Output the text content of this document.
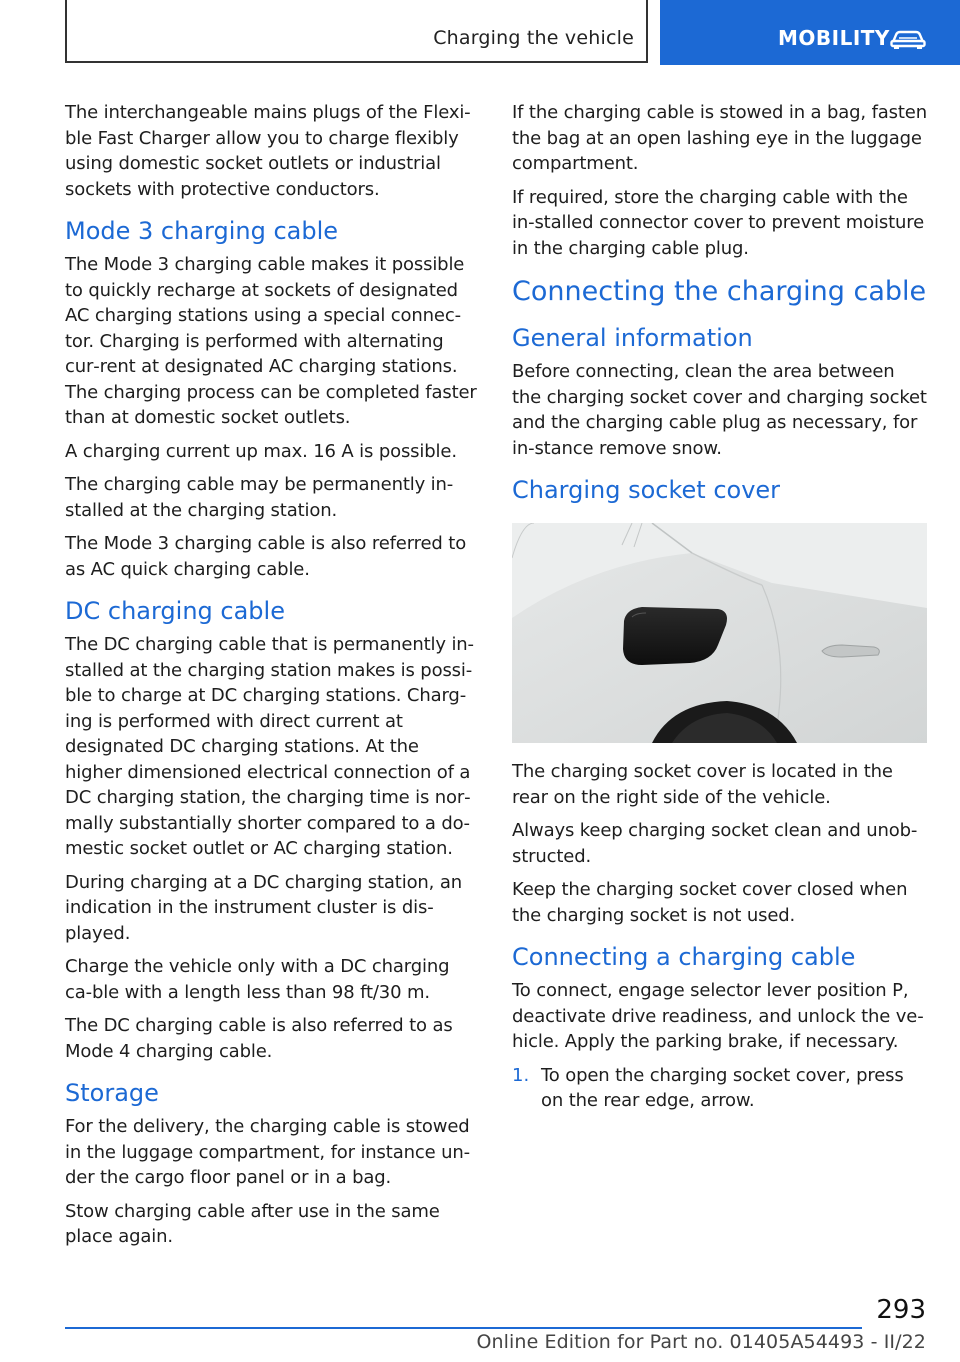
Charging the vehicle	MOBILITY

The interchangeable mains plugs of the Flexi‐ble Fast Charger allow you to charge flexibly using domestic socket outlets or industrial sockets with protective conductors.

Mode 3 charging cable

The Mode 3 charging cable makes it possible to quickly recharge at sockets of designated AC charging stations using a special connec‐tor. Charging is performed with alternating cur‐rent at designated AC charging stations. The charging process can be completed faster than at domestic socket outlets.

A charging current up max. 16 A is possible.

The charging cable may be permanently in‐stalled at the charging station.

The Mode 3 charging cable is also referred to as AC quick charging cable.

DC charging cable

The DC charging cable that is permanently in‐stalled at the charging station makes is possi‐ble to charge at DC charging stations. Charg‐ing is performed with direct current at designated DC charging stations. At the higher dimensioned electrical connection of a DC charging station, the charging time is nor‐mally substantially shorter compared to a do‐mestic socket outlet or AC charging station.

During charging at a DC charging station, an indication in the instrument cluster is dis‐played.

Charge the vehicle only with a DC charging ca‐ble with a length less than 98 ft/30 m.

The DC charging cable is also referred to as Mode 4 charging cable.

Storage

For the delivery, the charging cable is stowed in the luggage compartment, for instance un‐der the cargo floor panel or in a bag.

Stow charging cable after use in the same place again.

If the charging cable is stowed in a bag, fasten the bag at an open lashing eye in the luggage compartment.

If required, store the charging cable with the in‐stalled connector cover to prevent moisture in the charging cable plug.

Connecting the charging cable
General information

Before connecting, clean the area between the charging socket cover and charging socket and the charging cable plug as necessary, for in‐stance remove snow.

Charging socket cover

The charging socket cover is located in the rear on the right side of the vehicle.

Always keep charging socket clean and unob‐structed.

Keep the charging socket cover closed when the charging socket is not used.

Connecting a charging cable

To connect, engage selector lever position P, deactivate drive readiness, and unlock the ve‐hicle. Apply the parking brake, if necessary.

1. To open the charging socket cover, press on the rear edge, arrow.

293
Online Edition for Part no. 01405A54493 - II/22
